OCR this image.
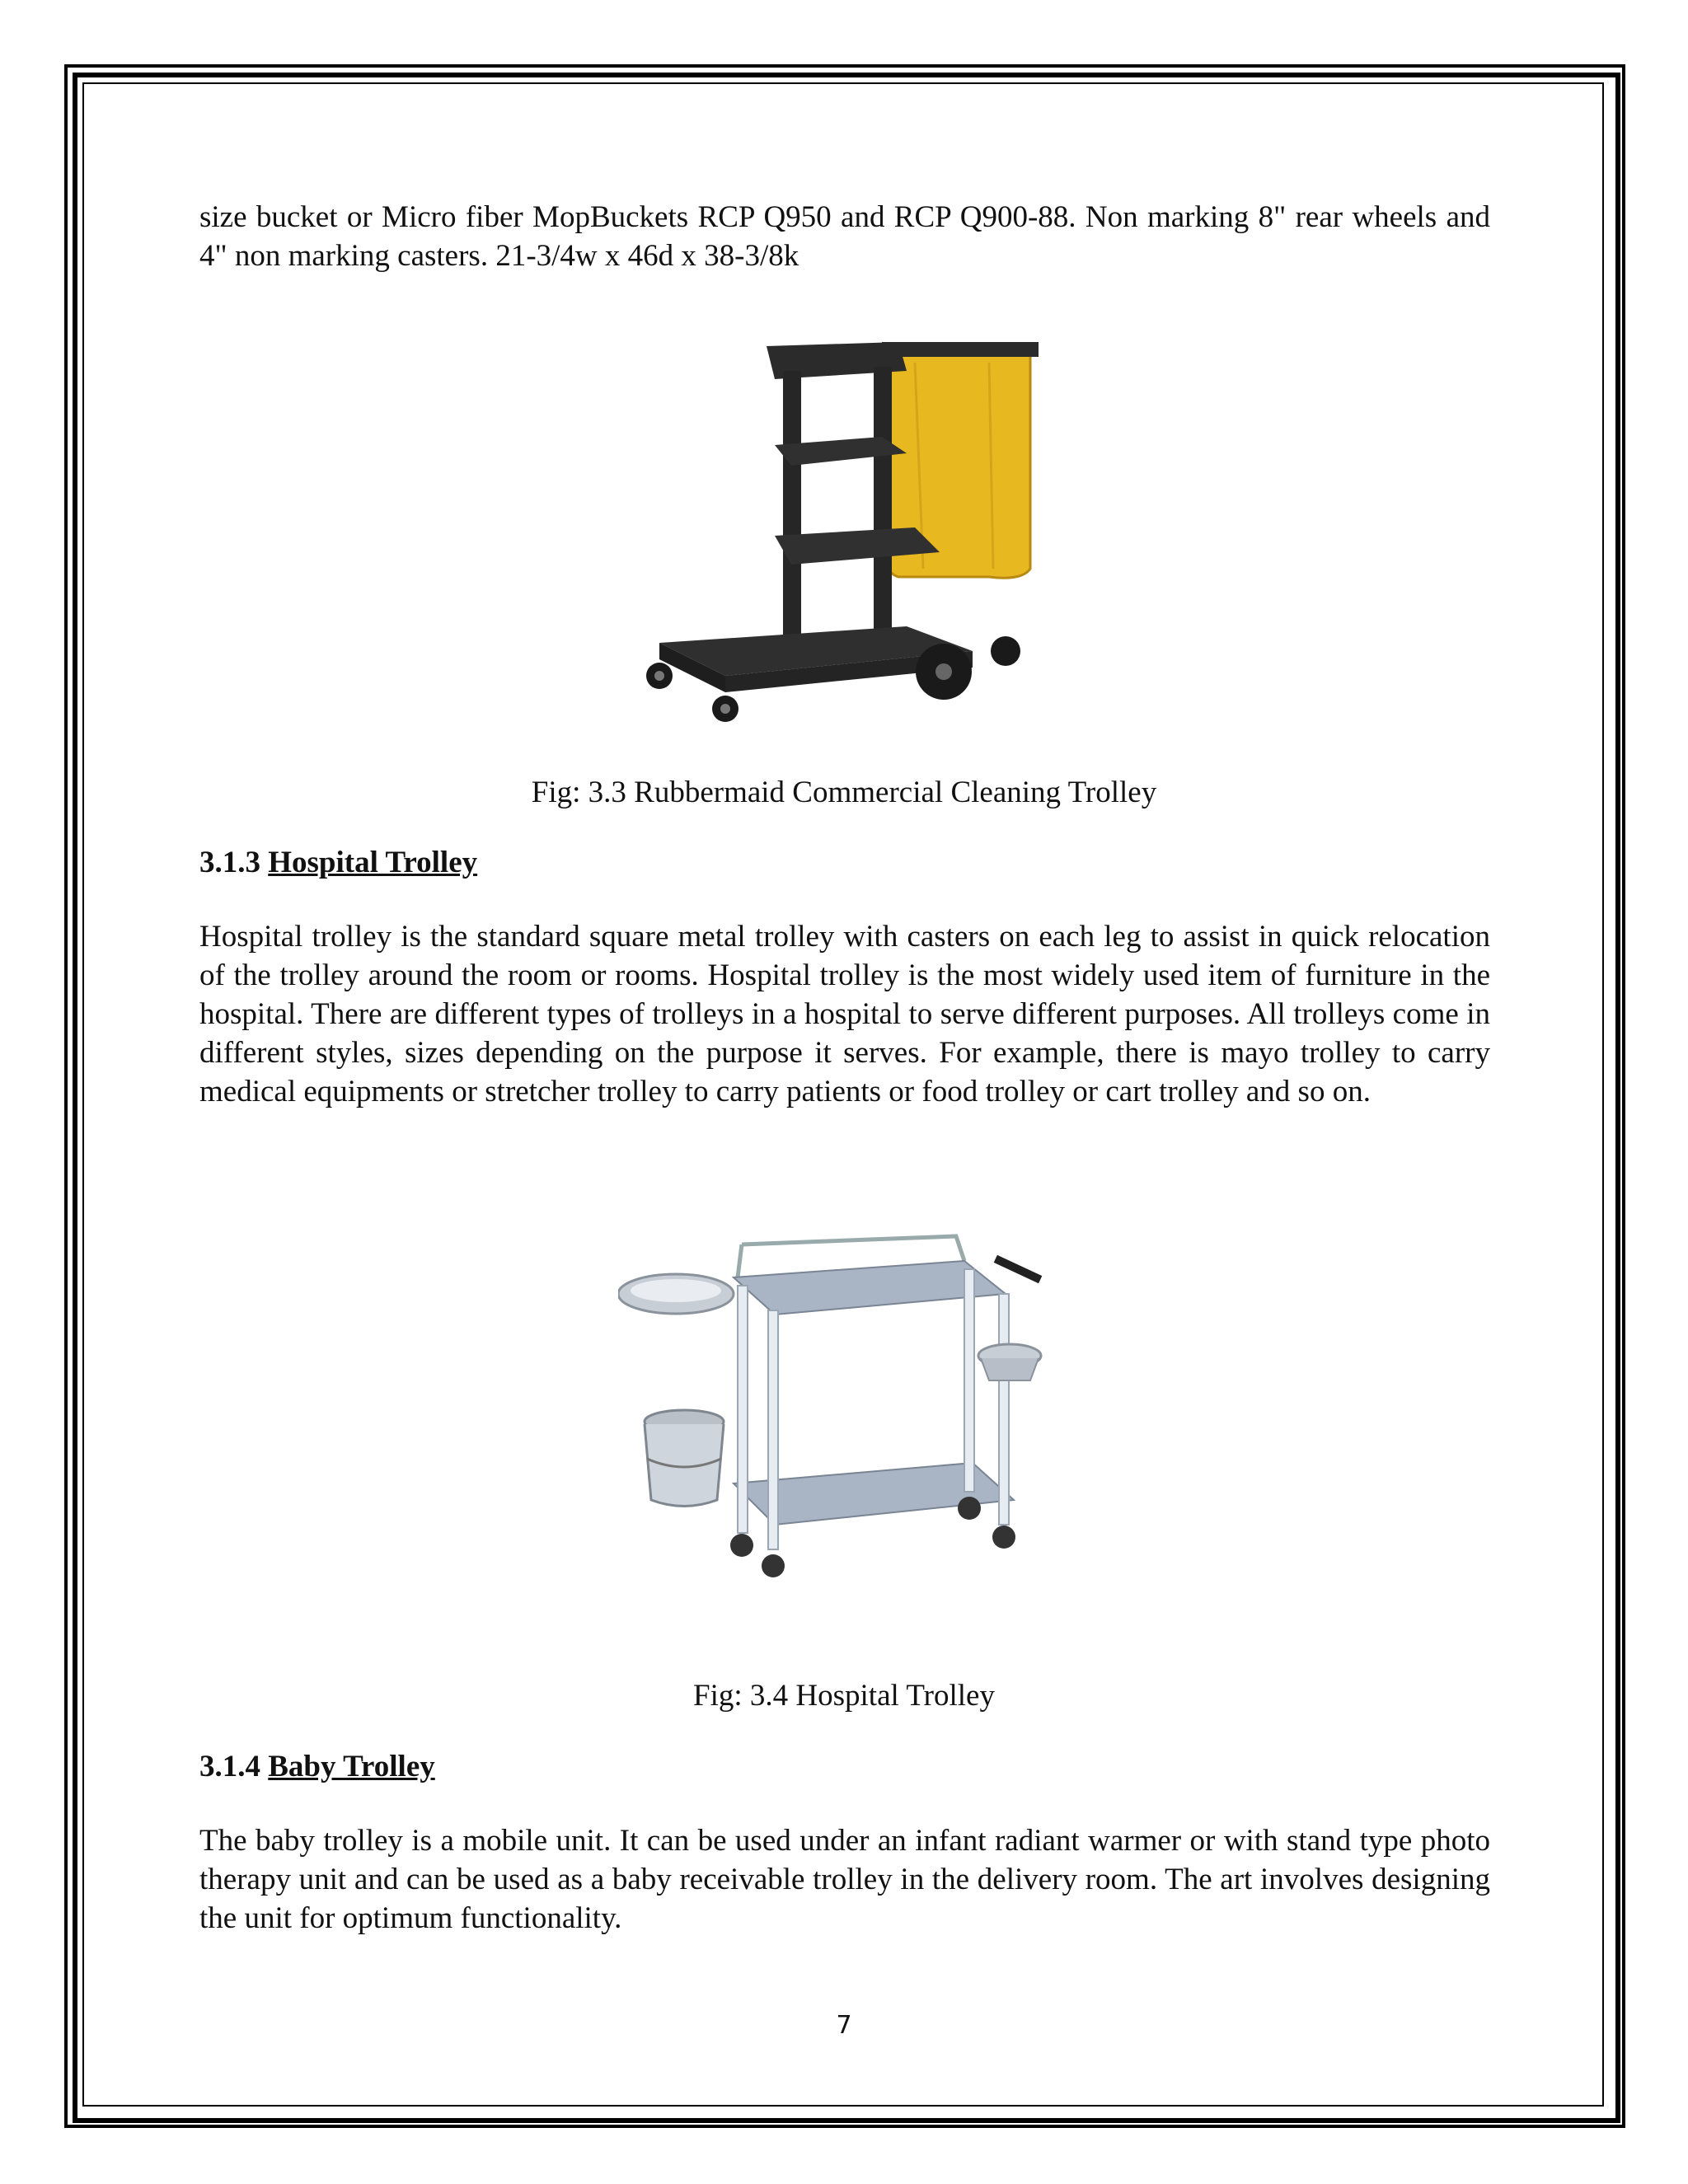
size bucket or Micro fiber MopBuckets RCP Q950 and RCP Q900-88. Non marking 8" rear wheels and 4" non marking casters. 21-3/4w x 46d x 38-3/8k

Fig: 3.3 Rubbermaid Commercial Cleaning Trolley

3.1.3 Hospital Trolley

Hospital trolley is the standard square metal trolley with casters on each leg to assist in quick relocation of the trolley around the room or rooms. Hospital trolley is the most widely used item of furniture in the hospital. There are different types of trolleys in a hospital to serve different purposes. All trolleys come in different styles, sizes depending on the purpose it serves. For example, there is mayo trolley to carry medical equipments or stretcher trolley to carry patients or food trolley or cart trolley and so on.

Fig: 3.4 Hospital Trolley

3.1.4 Baby Trolley

The baby trolley is a mobile unit. It can be used under an infant radiant warmer or with stand type photo therapy unit and can be used as a baby receivable trolley in the delivery room. The art involves designing the unit for optimum functionality.

7
